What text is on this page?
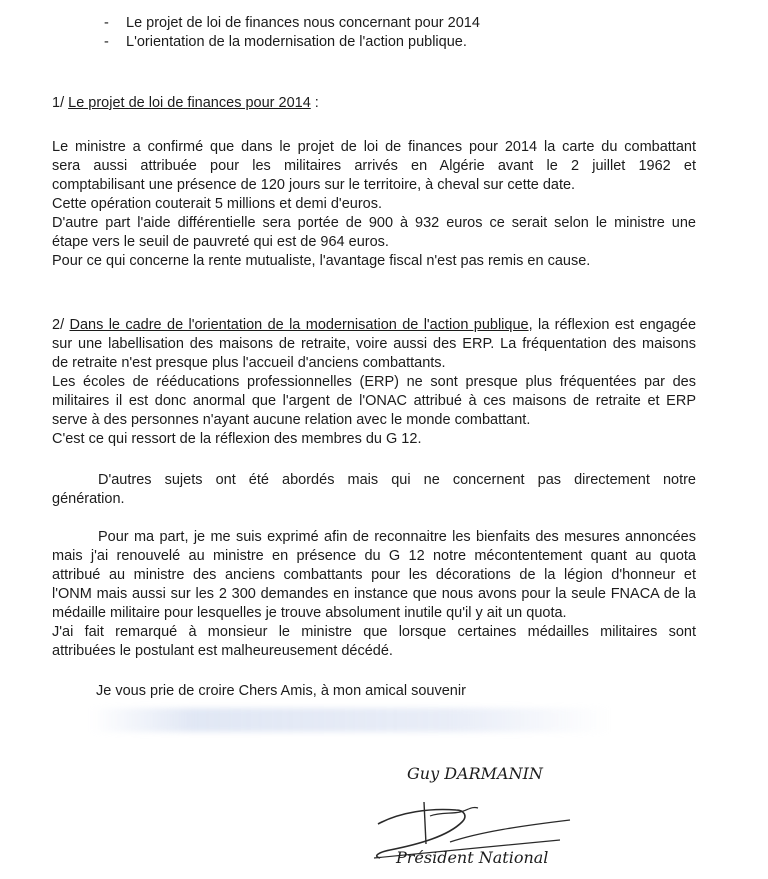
-	Le projet de loi de finances nous concernant pour 2014
-	L'orientation de la modernisation de l'action publique.
1/ Le projet de loi de finances pour 2014 :
Le ministre a confirmé que dans le projet de loi de finances pour 2014 la carte du combattant
sera aussi attribuée pour les militaires arrivés en Algérie avant le 2 juillet 1962 et
comptabilisant une présence de 120 jours sur le territoire, à cheval sur cette date.
Cette opération couterait 5 millions et demi d'euros.
D'autre part l'aide différentielle sera portée de 900 à 932 euros ce serait selon le ministre une
étape vers le seuil de pauvreté qui est de 964 euros.
Pour ce qui concerne la rente mutualiste, l'avantage fiscal n'est pas remis en cause.
2/ Dans le cadre de l'orientation de la modernisation de l'action publique, la réflexion est engagée
sur une labellisation des maisons de retraite, voire aussi des ERP. La fréquentation des maisons
de retraite n'est presque plus l'accueil d'anciens combattants.
Les écoles de rééducations professionnelles (ERP) ne sont presque plus fréquentées par des
militaires il est donc anormal que l'argent de l'ONAC attribué à ces maisons de retraite et ERP
serve à des personnes n'ayant aucune relation avec le monde combattant.
C'est ce qui ressort de la réflexion des membres du G 12.
D'autres sujets ont été abordés mais qui ne concernent pas directement notre
génération.
Pour ma part, je me suis exprimé afin de reconnaitre les bienfaits des mesures annoncées
mais j'ai renouvelé au ministre en présence du G 12 notre mécontentement quant au quota
attribué au ministre des anciens combattants pour les décorations de la légion d'honneur et
l'ONM mais aussi sur les 2 300 demandes en instance que nous avons pour la seule FNACA de la
médaille militaire pour lesquelles je trouve absolument inutile qu'il y ait un quota.
J'ai fait remarqué à monsieur le ministre que lorsque certaines médailles militaires sont
attribuées le postulant est malheureusement décédé.
Je vous prie de croire Chers Amis, à mon amical souvenir
Guy DARMANIN
Président National
